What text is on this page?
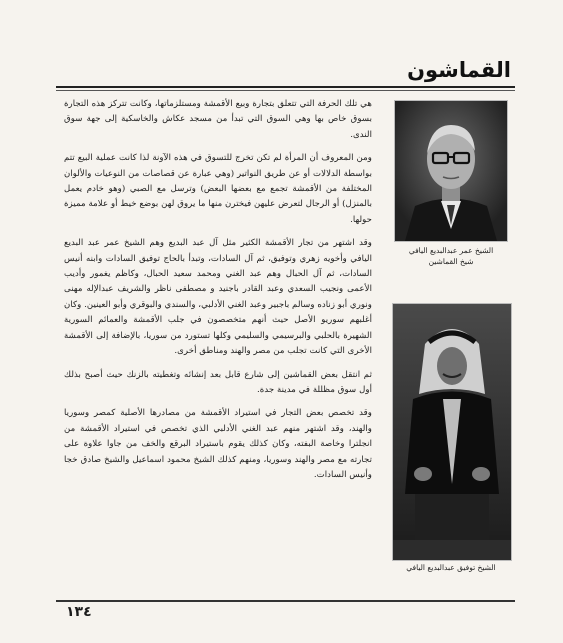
القماشون

هي تلك الحرفة التي تتعلق بتجارة وبيع الأقمشة ومستلزماتها، وكانت تتركز هذه التجارة بسوق خاص بها وهي السوق التي تبدأ من مسجد عكاش والخاسكية إلى جهة سوق الندى.

ومن المعروف أن المرأة لم تكن تخرج للتسوق في هذه الآونة لذا كانت عملية البيع تتم بواسطة الدلالات أو عن طريق النواتير (وهي عبارة عن قصاصات من النوعيات والألوان المختلفة من الأقمشة تجمع مع بعضها البعض) وترسل مع الصبي (وهو خادم يعمل بالمنزل) أو الرجال لتعرض عليهن فيخترن منها ما يروق لهن بوضع خيط أو علامة مميزة حولها.

وقد اشتهر من تجار الأقمشة الكثير مثل آل عبد البديع وهم الشيخ عمر عبد البديع اليافي وأخويه زهري وتوفيق، ثم آل السادات، وتبدأ بالحاج توفيق السادات وابنه أنيس السادات، ثم آل الحبال وهم عبد الغني ومحمد سعيد الحبال، وكاظم يغمور وأديب الأعمى ونجيب السعدي وعبد القادر باجنيد و مصطفى ناظر والشريف عبدالإله مهنى ونوري أبو زناده وسالم باجبير وعبد الغني الأدلبي، والسندي والبوقري وأبو العينين. وكان أغلبهم سوريو الأصل حيث أنهم متخصصون في جلب الأقمشة والعمائم السورية الشهيرة بالحلبي والبرسيمي والسليمي وكلها تستورد من سوريا، بالإضافة إلى الأقمشة الأخرى التي كانت تجلب من مصر والهند ومناطق أخرى.

ثم انتقل بعض القماشين إلى شارع قابل بعد إنشائه وتغطيته بالزنك حيث أصبح بذلك أول سوق مظللة في مدينة جدة.

وقد تخصص بعض التجار في استيراد الأقمشة من مصادرها الأصلية كمصر وسوريا والهند، وقد اشتهر منهم عبد الغني الأدلبي الذي تخصص في استيراد الأقمشة من انجلترا وخاصة البفته، وكان كذلك يقوم باستيراد البرقع والخف من جاوا علاوة على تجارته مع مصر والهند وسوريا، ومنهم كذلك الشيخ محمود اسماعيل والشيخ صادق خجا وأنيس السادات.

الشيخ عمر عبدالبديع اليافي
شيخ القماشين
الشيخ توفيق عبدالبديع اليافي
١٣٤
